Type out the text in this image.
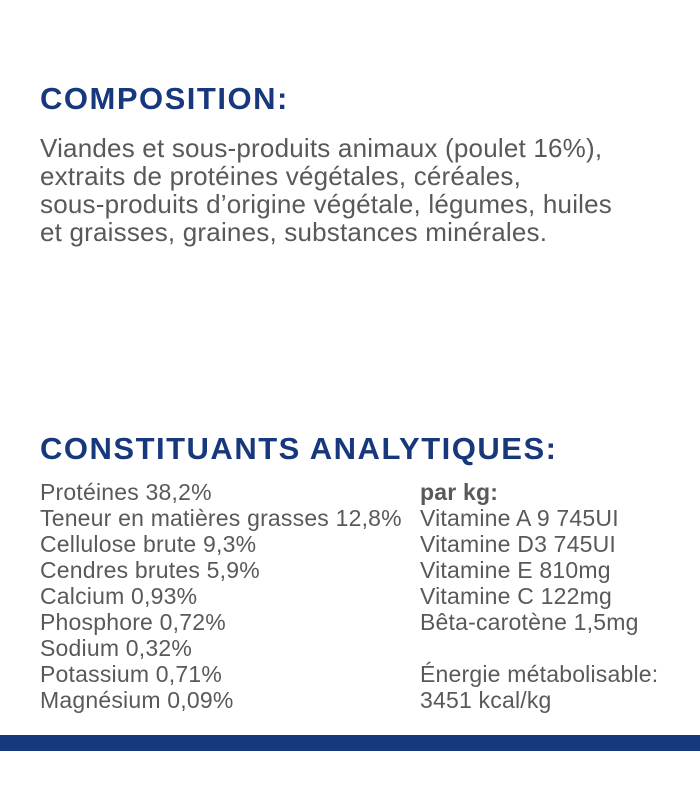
COMPOSITION:
Viandes et sous-produits animaux (poulet 16%),
extraits de protéines végétales, céréales,
sous-produits d’origine végétale, légumes, huiles
et graisses, graines, substances minérales.
CONSTITUANTS ANALYTIQUES:
Protéines 38,2%
Teneur en matières grasses 12,8%
Cellulose brute 9,3%
Cendres brutes 5,9%
Calcium 0,93%
Phosphore 0,72%
Sodium 0,32%
Potassium 0,71%
Magnésium 0,09%
par kg:
Vitamine A 9 745UI
Vitamine D3 745UI
Vitamine E 810mg
Vitamine C 122mg
Bêta-carotène 1,5mg
Énergie métabolisable:
3451 kcal/kg
